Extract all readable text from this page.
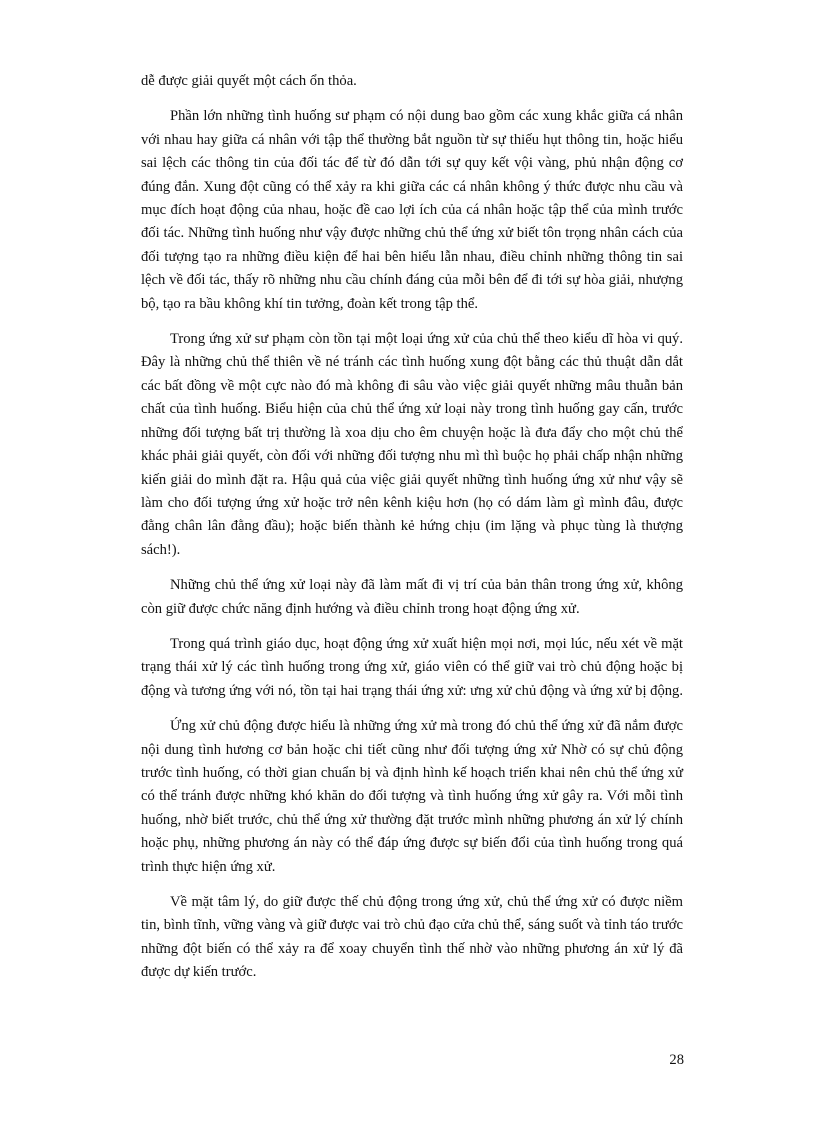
dễ được giải quyết một cách ổn thỏa.

Phần lớn những tình huống sư phạm có nội dung bao gồm các xung khắc giữa cá nhân với nhau hay giữa cá nhân với tập thể thường bắt nguồn từ sự thiếu hụt thông tin, hoặc hiểu sai lệch các thông tin của đối tác để từ đó dẫn tới sự quy kết vội vàng, phủ nhận động cơ đúng đắn. Xung đột cũng có thể xảy ra khi giữa các cá nhân không ý thức được nhu cầu và mục đích hoạt động của nhau, hoặc đề cao lợi ích của cá nhân hoặc tập thể của mình trước đối tác. Những tình huống như vậy được những chủ thể ứng xử biết tôn trọng nhân cách của đối tượng tạo ra những điều kiện để hai bên hiểu lẫn nhau, điều chỉnh những thông tin sai lệch về đối tác, thấy rõ những nhu cầu chính đáng của mỗi bên để đi tới sự hòa giải, nhượng bộ, tạo ra bầu không khí tin tưởng, đoàn kết trong tập thể.

Trong ứng xử sư phạm còn tồn tại một loại ứng xử của chủ thể theo kiểu dĩ hòa vi quý. Đây là những chủ thể thiên về né tránh các tình huống xung đột bằng các thủ thuật dẫn dắt các bất đồng về một cực nào đó mà không đi sâu vào việc giải quyết những mâu thuẫn bản chất của tình huống. Biểu hiện của chủ thể ứng xử loại này trong tình huống gay cấn, trước những đối tượng bất trị thường là xoa dịu cho êm chuyện hoặc là đưa đẩy cho một chủ thể khác phải giải quyết, còn đối với những đối tượng nhu mì thì buộc họ phải chấp nhận những kiến giải do mình đặt ra. Hậu quả của việc giải quyết những tình huống ứng xử như vậy sẽ làm cho đối tượng ứng xử hoặc trở nên kênh kiệu hơn (họ có dám làm gì mình đâu, được đằng chân lân đằng đầu); hoặc biến thành kẻ hứng chịu (im lặng và phục tùng là thượng sách!).

Những chủ thể ứng xử loại này đã làm mất đi vị trí của bản thân trong ứng xử, không còn giữ được chức năng định hướng và điều chỉnh trong hoạt động ứng xử.

Trong quá trình giáo dục, hoạt động ứng xử xuất hiện mọi nơi, mọi lúc, nếu xét về mặt trạng thái xử lý các tình huống trong ứng xử, giáo viên có thể giữ vai trò chủ động hoặc bị động và tương ứng với nó, tồn tại hai trạng thái ứng xử: ưng xử chủ động và ứng xử bị động.

Ứng xử chủ động được hiểu là những ứng xử mà trong đó chủ thể ứng xử đã nắm được nội dung tình hương cơ bản hoặc chi tiết cũng như đối tượng ứng xử Nhờ có sự chủ động trước tình huống, có thời gian chuẩn bị và định hình kế hoạch triển khai nên chủ thể ứng xử có thể tránh được những khó khăn do đối tượng và tình huống ứng xử gây ra. Với mỗi tình huống, nhờ biết trước, chủ thể ứng xử thường đặt trước mình những phương án xử lý chính hoặc phụ, những phương án này có thể đáp ứng được sự biến đổi của tình huống trong quá trình thực hiện ứng xử.

Về mặt tâm lý, do giữ được thế chủ động trong ứng xử, chủ thể ứng xử có được niềm tin, bình tĩnh, vững vàng và giữ được vai trò chủ đạo cửa chủ thể, sáng suốt và tỉnh táo trước những đột biến có thể xảy ra để xoay chuyển tình thế nhờ vào những phương án xử lý đã được dự kiến trước.

28
